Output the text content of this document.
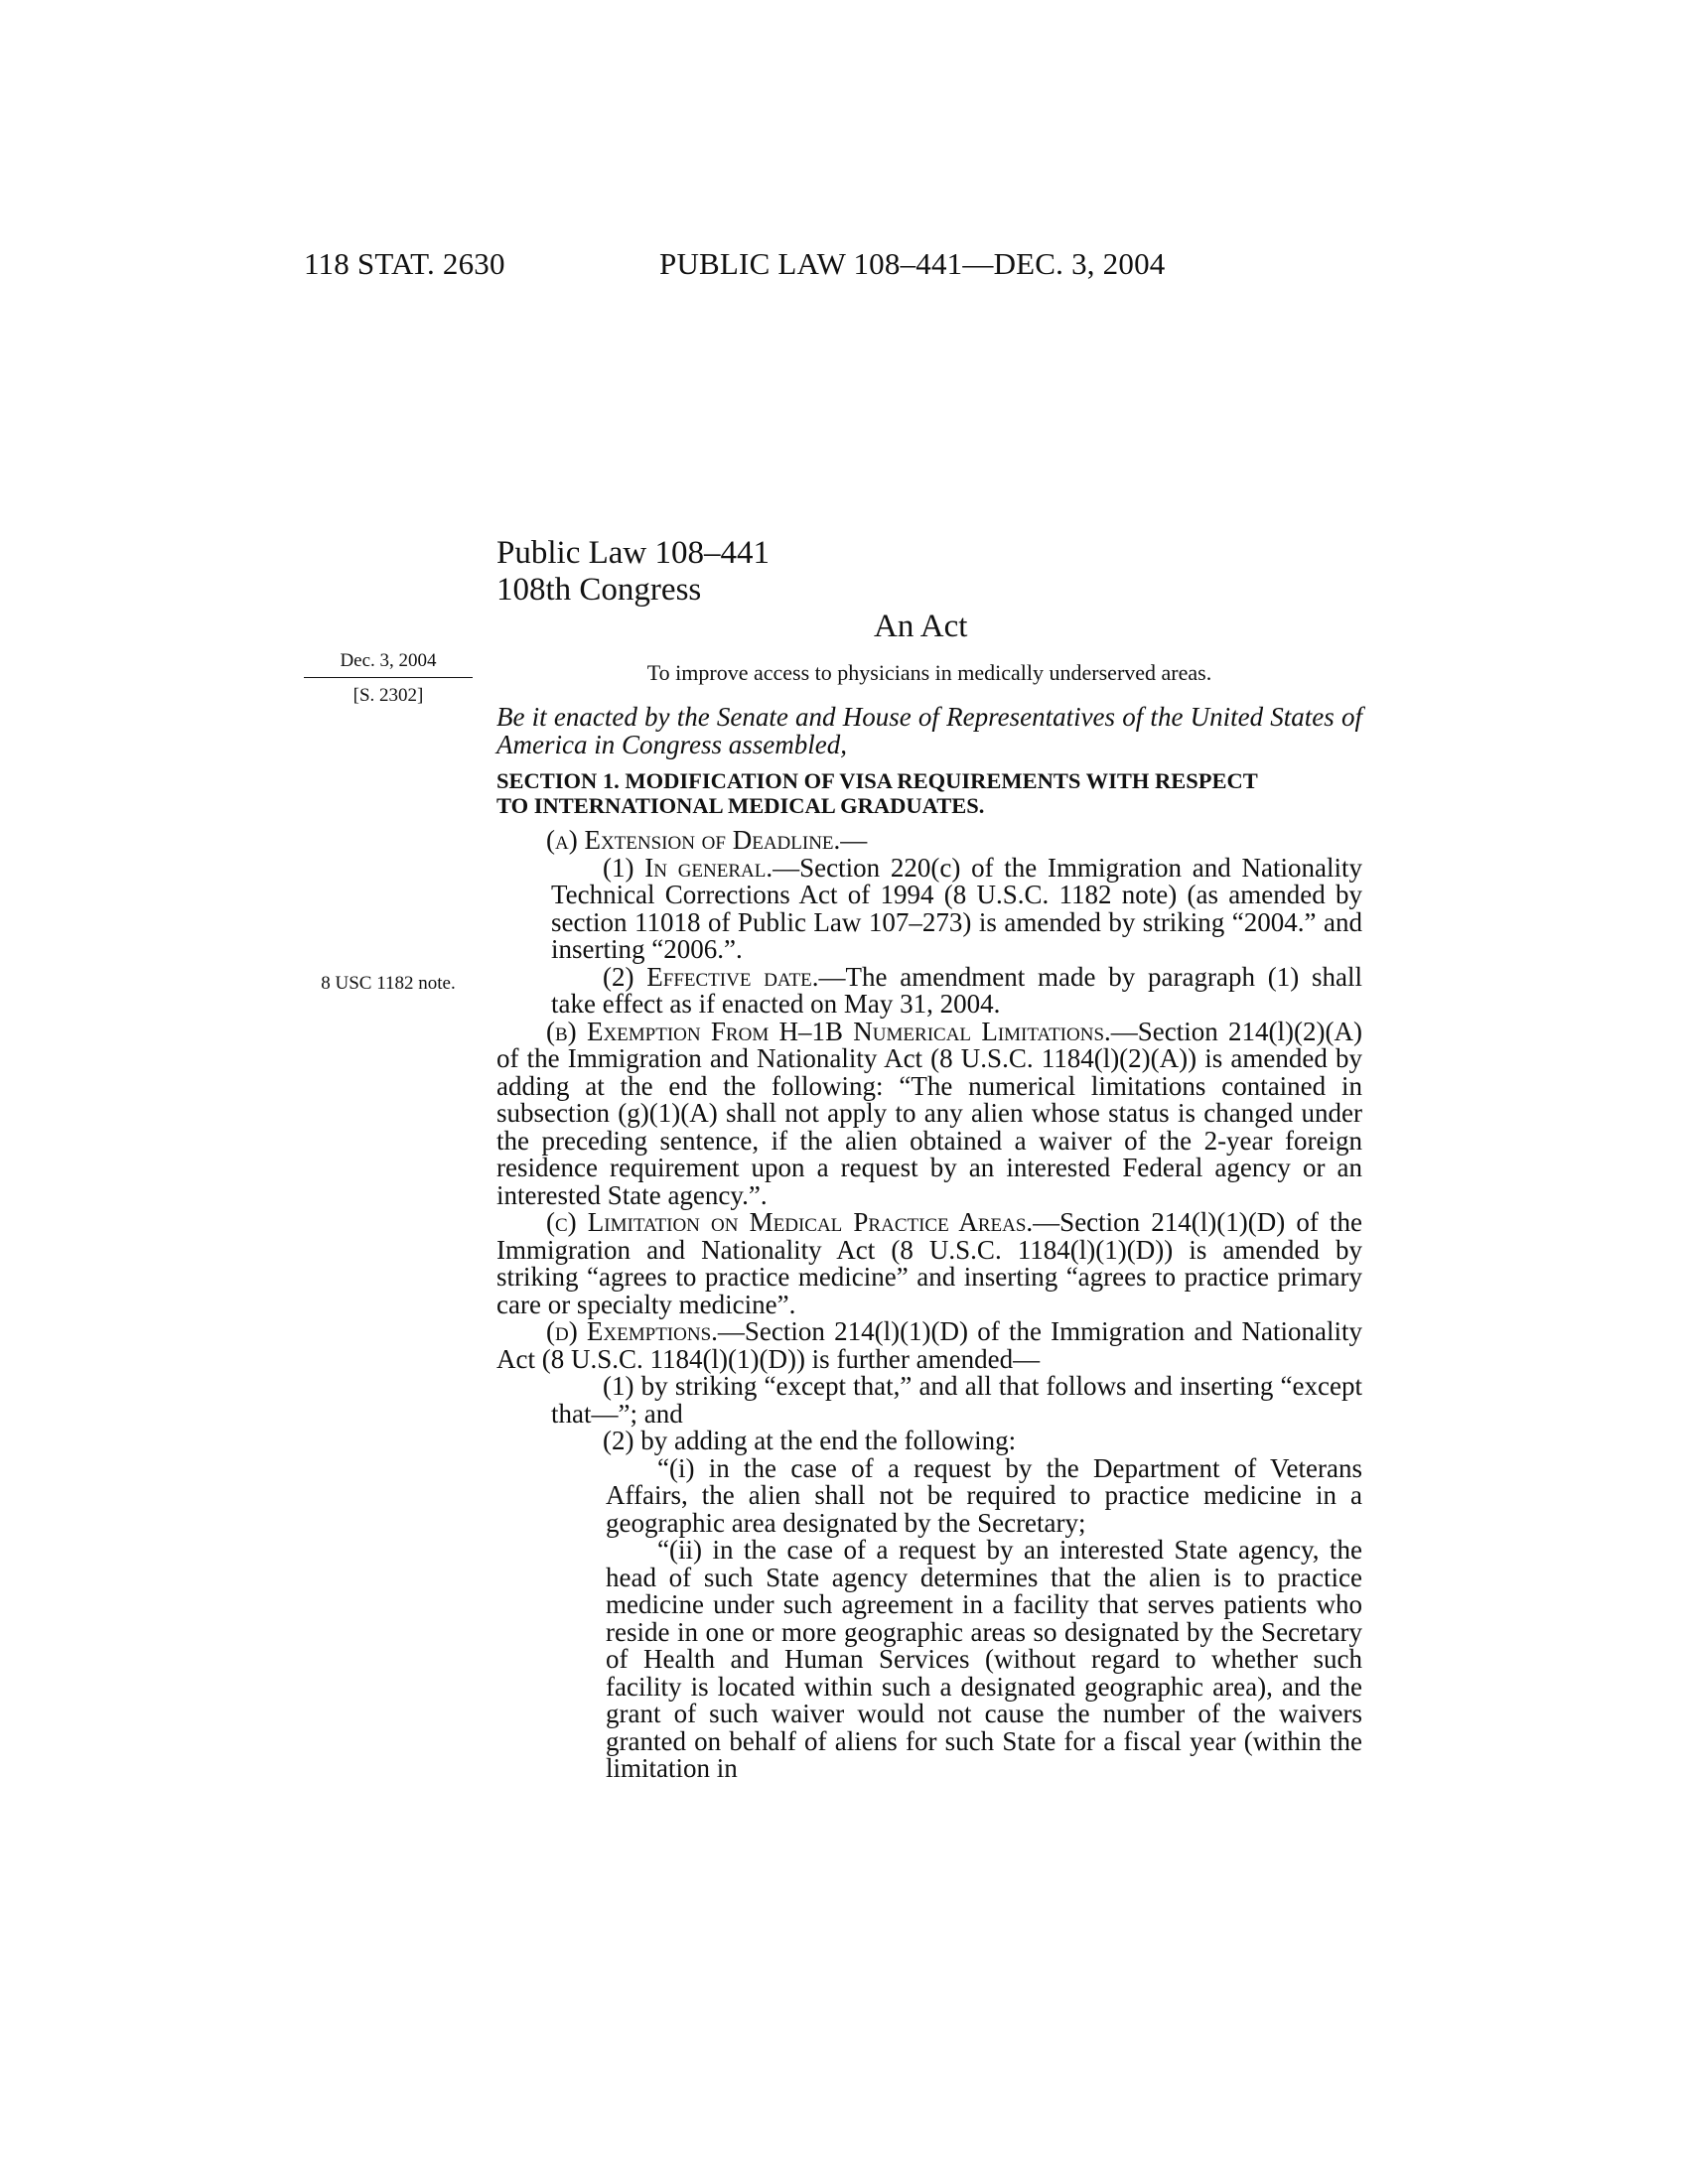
118 STAT. 2630	PUBLIC LAW 108–441—DEC. 3, 2004
Public Law 108–441
108th Congress
An Act
Dec. 3, 2004
[S. 2302]
8 USC 1182 note.
To improve access to physicians in medically underserved areas.

Be it enacted by the Senate and House of Representatives of the United States of America in Congress assembled,

SECTION 1. MODIFICATION OF VISA REQUIREMENTS WITH RESPECT
TO INTERNATIONAL MEDICAL GRADUATES.

(a) Extension of Deadline.—

(1) In general.—Section 220(c) of the Immigration and Nationality Technical Corrections Act of 1994 (8 U.S.C. 1182 note) (as amended by section 11018 of Public Law 107–273) is amended by striking “2004.” and inserting “2006.”.

(2) Effective date.—The amendment made by paragraph (1) shall take effect as if enacted on May 31, 2004.

(b) Exemption From H–1B Numerical Limitations.—Section 214(l)(2)(A) of the Immigration and Nationality Act (8 U.S.C. 1184(l)(2)(A)) is amended by adding at the end the following: “The numerical limitations contained in subsection (g)(1)(A) shall not apply to any alien whose status is changed under the preceding sentence, if the alien obtained a waiver of the 2-year foreign residence requirement upon a request by an interested Federal agency or an interested State agency.”.

(c) Limitation on Medical Practice Areas.—Section 214(l)(1)(D) of the Immigration and Nationality Act (8 U.S.C. 1184(l)(1)(D)) is amended by striking “agrees to practice medicine” and inserting “agrees to practice primary care or specialty medicine”.

(d) Exemptions.—Section 214(l)(1)(D) of the Immigration and Nationality Act (8 U.S.C. 1184(l)(1)(D)) is further amended—

(1) by striking “except that,” and all that follows and inserting “except that—”; and

(2) by adding at the end the following:

“(i) in the case of a request by the Department of Veterans Affairs, the alien shall not be required to practice medicine in a geographic area designated by the Secretary;

“(ii) in the case of a request by an interested State agency, the head of such State agency determines that the alien is to practice medicine under such agreement in a facility that serves patients who reside in one or more geographic areas so designated by the Secretary of Health and Human Services (without regard to whether such facility is located within such a designated geographic area), and the grant of such waiver would not cause the number of the waivers granted on behalf of aliens for such State for a fiscal year (within the limitation in
